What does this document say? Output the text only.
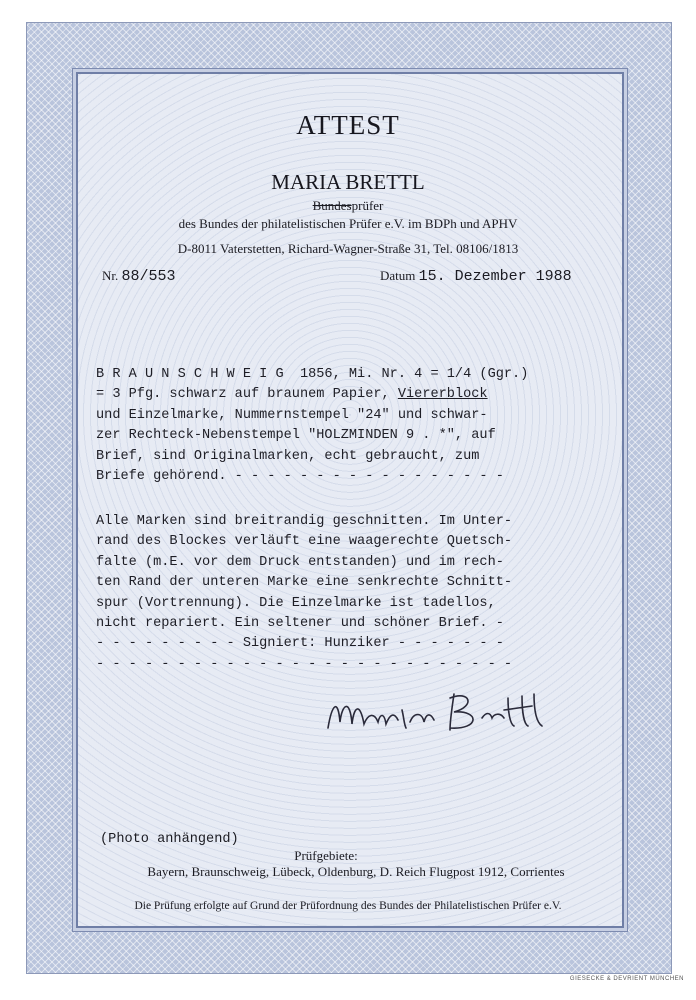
ATTEST
MARIA BRETTL
Bundesprüfer
des Bundes der philatelistischen Prüfer e.V. im BDPh und APHV
D-8011 Vaterstetten, Richard-Wagner-Straße 31, Tel. 08106/1813
Nr. 88/553	Datum 15. Dezember 1988
B R A U N S C H W E I G  1856, Mi. Nr. 4 = 1/4 (Ggr.)
= 3 Pfg. schwarz auf braunem Papier, Viererblock
und Einzelmarke, Nummernstempel "24" und schwar-
zer Rechteck-Nebenstempel "HOLZMINDEN 9 . *", auf
Brief, sind Originalmarken, echt gebraucht, zum
Briefe gehörend. - - - - - - - - - - - - - - - - -
Alle Marken sind breitrandig geschnitten. Im Unter-
rand des Blockes verläuft eine waagerechte Quetsch-
falte (m.E. vor dem Druck entstanden) und im rech-
ten Rand der unteren Marke eine senkrechte Schnitt-
spur (Vortrennung). Die Einzelmarke ist tadellos,
nicht repariert. Ein seltener und schöner Brief. -
- - - - - - - - - Signiert: Hunziker - - - - - - -
- - - - - - - - - - - - - - - - - - - - - - - - - -
(Photo anhängend)
Prüfgebiete:
Bayern, Braunschweig, Lübeck, Oldenburg, D. Reich Flugpost 1912, Corrientes
Die Prüfung erfolgte auf Grund der Prüfordnung des Bundes der Philatelistischen Prüfer e.V.
GIESECKE & DEVRIENT MÜNCHEN
